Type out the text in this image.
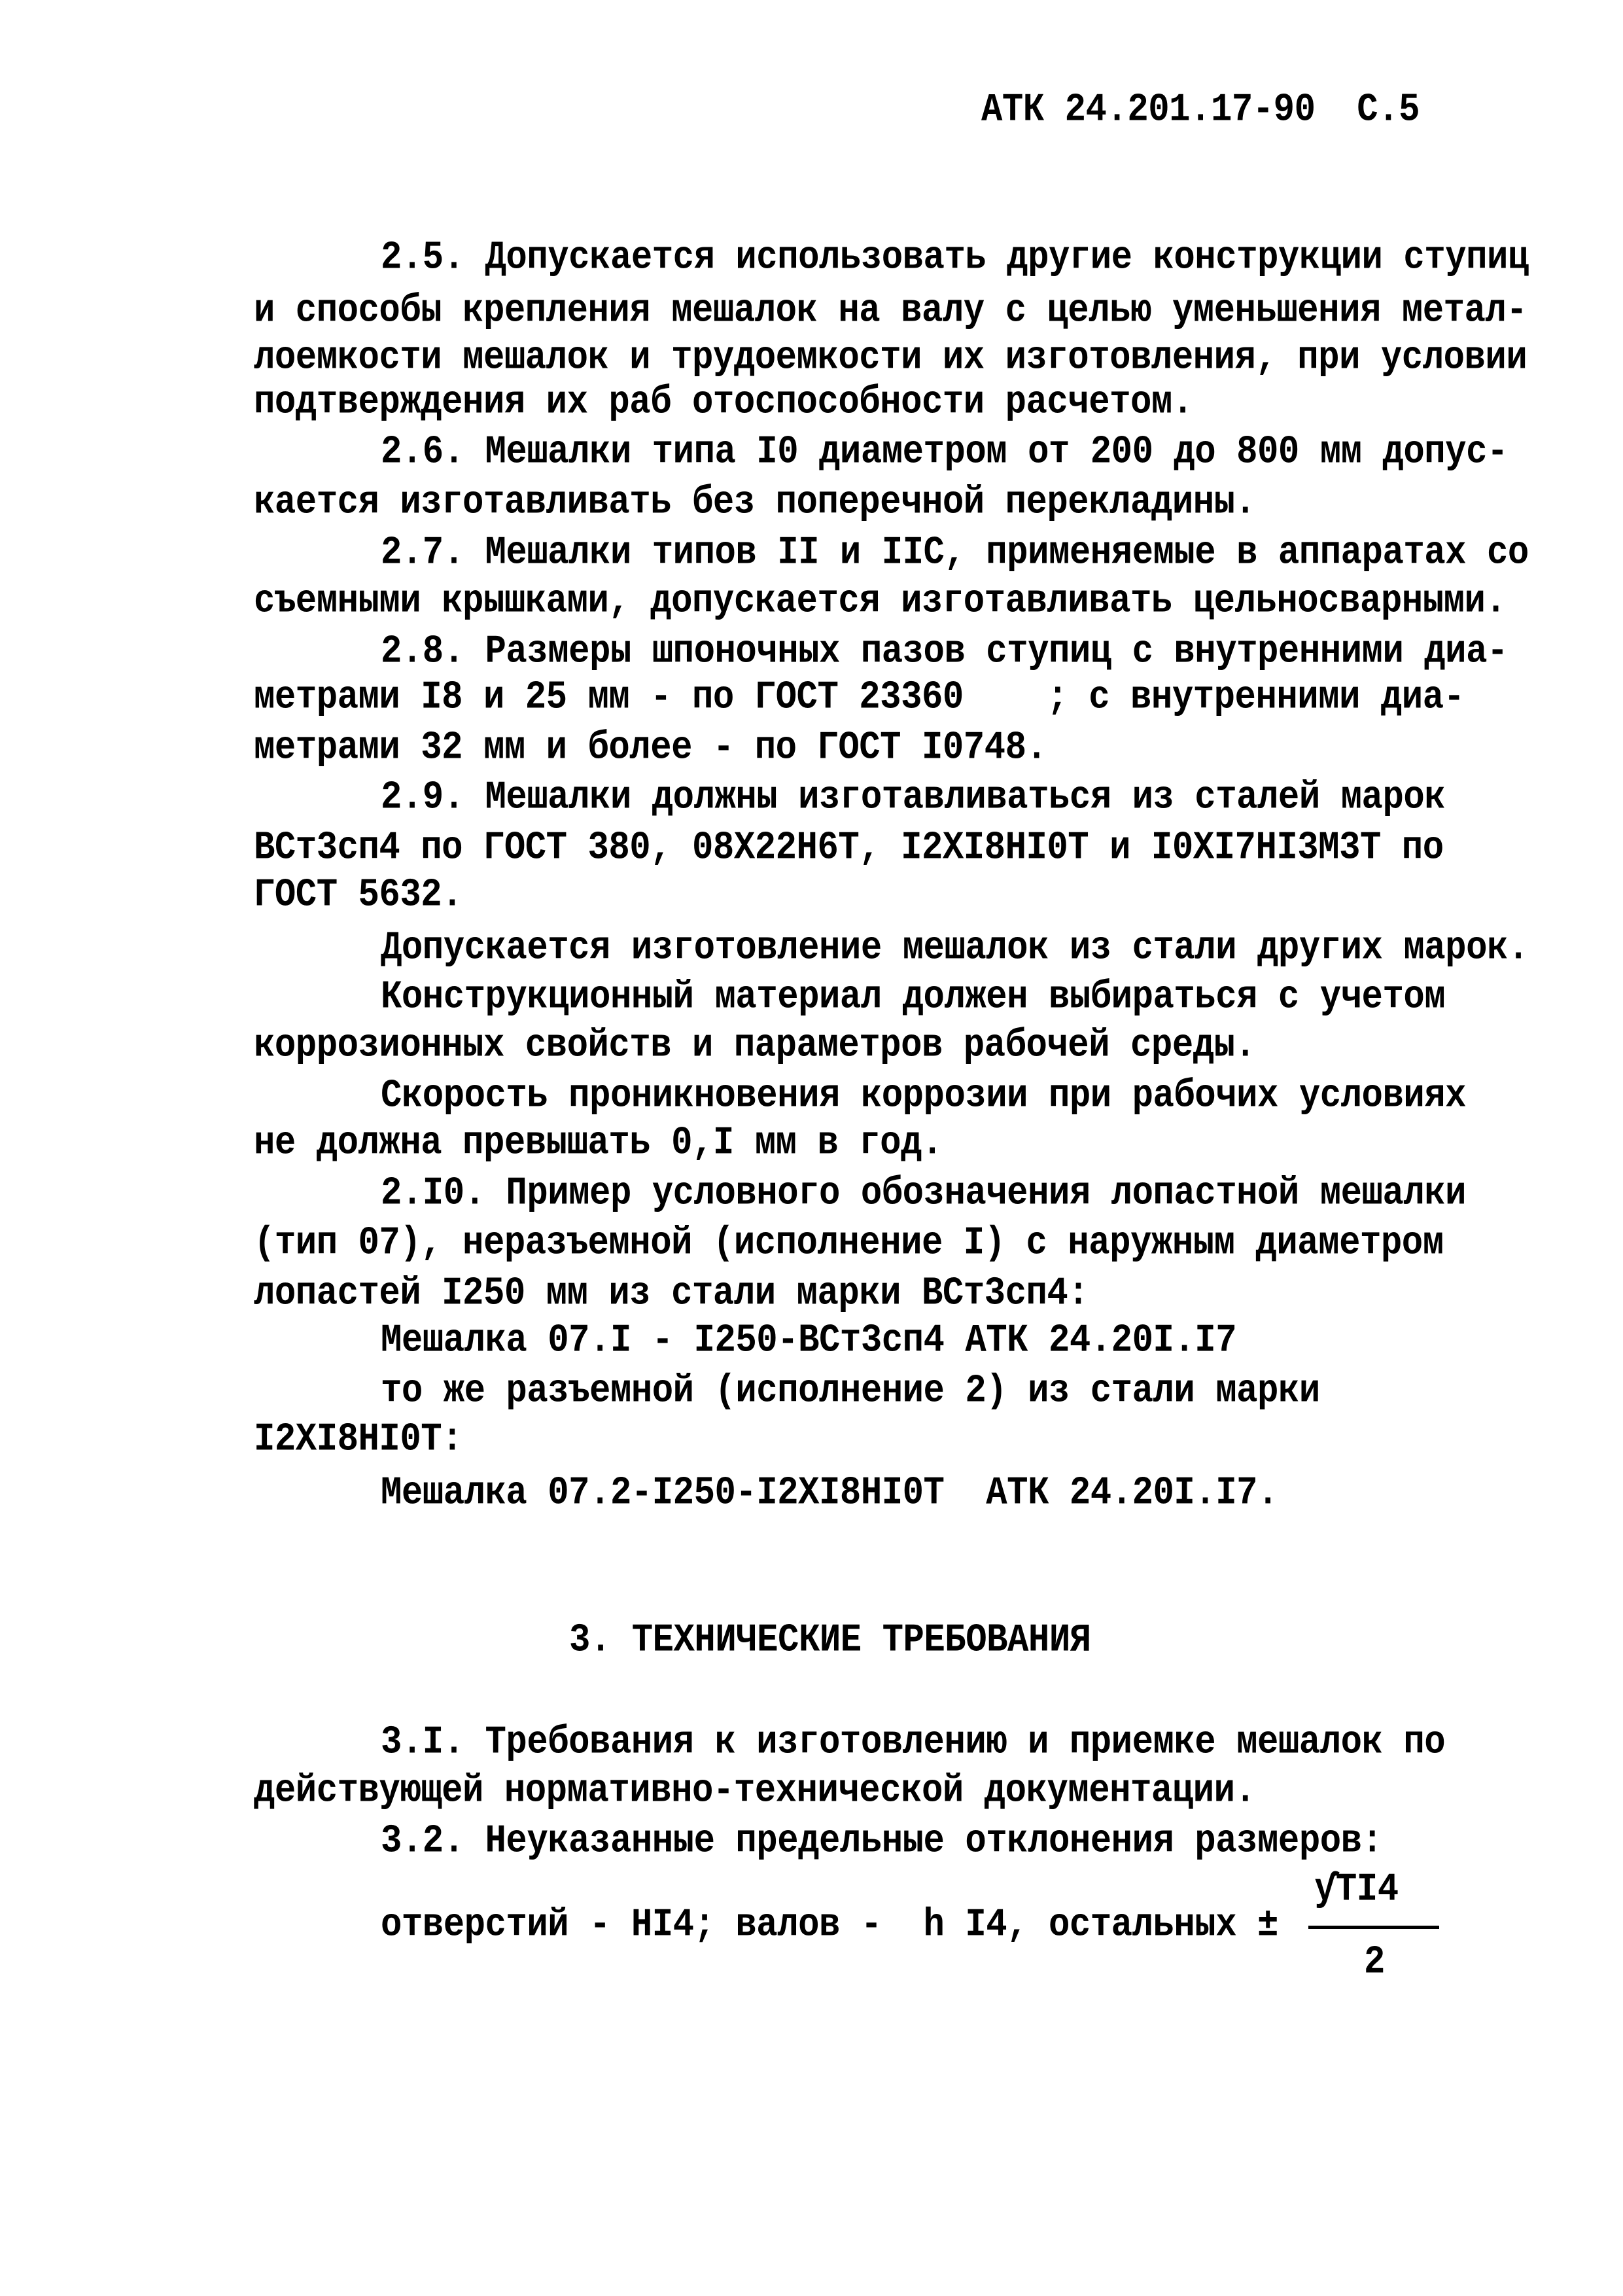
АТК 24.201.17-90 С.5
2.5. Допускается использовать другие конструкции ступиц
и способы крепления мешалок на валу с целью уменьшения метал-
лоемкости мешалок и трудоемкости их изготовления, при условии
подтверждения их раб отоспособности расчетом.
2.6. Мешалки типа I0 диаметром от 200 до 800 мм допус-
кается изготавливать без поперечной перекладины.
2.7. Мешалки типов II и IIС, применяемые в аппаратах со
съемными крышками, допускается изготавливать цельносварными.
2.8. Размеры шпоночных пазов ступиц с внутренними диа-
метрами I8 и 25 мм - по ГОСТ 23360    ; с внутренними диа-
метрами 32 мм и более - по ГОСТ I0748.
2.9. Мешалки должны изготавливаться из сталей марок
ВСт3сп4 по ГОСТ 380, 08Х22Н6Т, I2ХI8НI0Т и I0ХI7НI3М3Т по
ГОСТ 5632.
Допускается изготовление мешалок из стали других марок.
Конструкционный материал должен выбираться с учетом
коррозионных свойств и параметров рабочей среды.
Скорость проникновения коррозии при рабочих условиях
не должна превышать 0,I мм в год.
2.I0. Пример условного обозначения лопастной мешалки
(тип 07), неразъемной (исполнение I) с наружным диаметром
лопастей I250 мм из стали марки ВСт3сп4:
Мешалка 07.I - I250-ВСт3сп4 АТК 24.20I.I7
то же разъемной (исполнение 2) из стали марки
I2ХI8НI0Т:
Мешалка 07.2-I250-I2ХI8НI0Т  АТК 24.20I.I7.
3. ТЕХНИЧЕСКИЕ ТРЕБОВАНИЯ
3.I. Требования к изготовлению и приемке мешалок по
действующей нормативно-технической документации.
3.2. Неуказанные предельные отклонения размеров:
отверстий - НI4; валов -  h I4, остальных ±
ƴTI4
2
